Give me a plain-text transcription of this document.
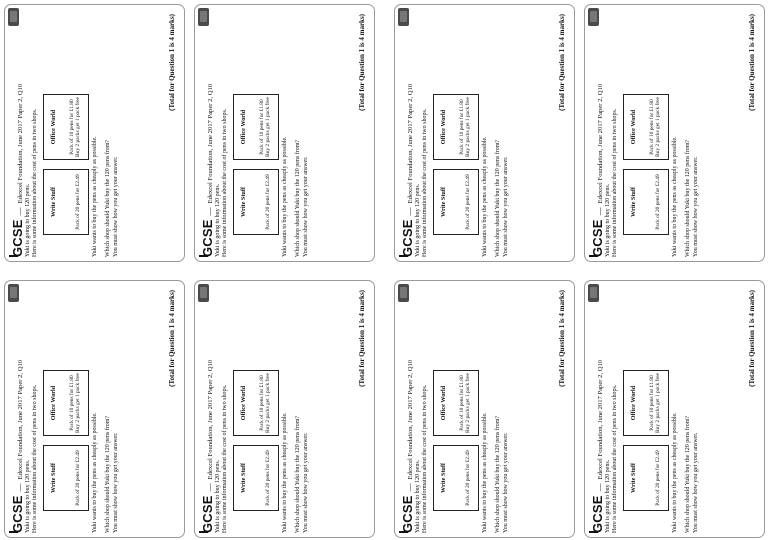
GCSE
—
Edexcel Foundation, June 2017 Paper 2, Q10
Yuki is going to buy 120 pens. Here is some information about the cost of pens in two shops. Write Stuff	Pack of 20 pens for £2.49
Office World Pack of 10 pens for £1.80
Buy 2 packs get 1 pack free
Yuki wants to buy the pens as cheaply as possible. Which shop should Yuki buy the 120 pens from? You must show how you get your answer.
(Total for Question 1 is 4 marks)
GCSE
—
Edexcel Foundation, June 2017 Paper 2, Q10
Yuki is going to buy 120 pens. Here is some information about the cost of pens in two shops. Write Stuff	Pack of 20 pens for £2.49
Office World Pack of 10 pens for £1.80
Buy 2 packs get 1 pack free
Yuki wants to buy the pens as cheaply as possible. Which shop should Yuki buy the 120 pens from? You must show how you get your answer.
(Total for Question 1 is 4 marks)
GCSE
—
Edexcel Foundation, June 2017 Paper 2, Q10
Yuki is going to buy 120 pens. Here is some information about the cost of pens in two shops. Write Stuff	Pack of 20 pens for £2.49
Office World Pack of 10 pens for £1.80
Buy 2 packs get 1 pack free
Yuki wants to buy the pens as cheaply as possible. Which shop should Yuki buy the 120 pens from? You must show how you get your answer.
(Total for Question 1 is 4 marks)
GCSE
—
Edexcel Foundation, June 2017 Paper 2, Q10
Yuki is going to buy 120 pens. Here is some information about the cost of pens in two shops. Write Stuff	Pack of 20 pens for £2.49
Office World Pack of 10 pens for £1.80
Buy 2 packs get 1 pack free
Yuki wants to buy the pens as cheaply as possible. Which shop should Yuki buy the 120 pens from? You must show how you get your answer.
(Total for Question 1 is 4 marks)
GCSE
—
Edexcel Foundation, June 2017 Paper 2, Q10
Yuki is going to buy 120 pens. Here is some information about the cost of pens in two shops. Write Stuff	Pack of 20 pens for £2.49
Office World Pack of 10 pens for £1.80
Buy 2 packs get 1 pack free
Yuki wants to buy the pens as cheaply as possible. Which shop should Yuki buy the 120 pens from? You must show how you get your answer.
(Total for Question 1 is 4 marks)
GCSE
—
Edexcel Foundation, June 2017 Paper 2, Q10
Yuki is going to buy 120 pens. Here is some information about the cost of pens in two shops. Write Stuff	Pack of 20 pens for £2.49
Office World Pack of 10 pens for £1.80
Buy 2 packs get 1 pack free
Yuki wants to buy the pens as cheaply as possible. Which shop should Yuki buy the 120 pens from? You must show how you get your answer.
(Total for Question 1 is 4 marks)
GCSE
—
Edexcel Foundation, June 2017 Paper 2, Q10
Yuki is going to buy 120 pens. Here is some information about the cost of pens in two shops. Write Stuff	Pack of 20 pens for £2.49
Office World Pack of 10 pens for £1.80
Buy 2 packs get 1 pack free
Yuki wants to buy the pens as cheaply as possible. Which shop should Yuki buy the 120 pens from? You must show how you get your answer.
(Total for Question 1 is 4 marks)
GCSE
—
Edexcel Foundation, June 2017 Paper 2, Q10
Yuki is going to buy 120 pens. Here is some information about the cost of pens in two shops. Write Stuff	Pack of 20 pens for £2.49
Office World Pack of 10 pens for £1.80
Buy 2 packs get 1 pack free
Yuki wants to buy the pens as cheaply as possible. Which shop should Yuki buy the 120 pens from? You must show how you get your answer.
(Total for Question 1 is 4 marks)
